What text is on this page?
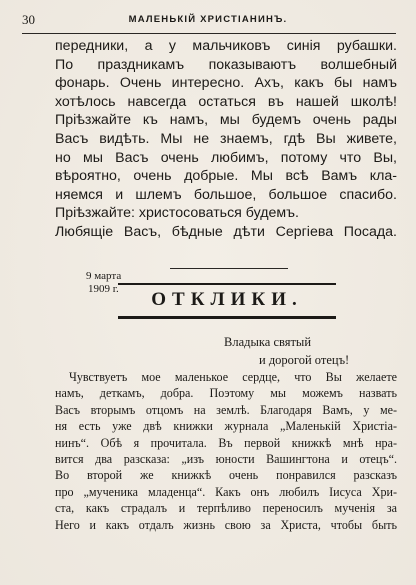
30	МАЛЕНЬКІЙ ХРИСТІАНИНЪ.
передники, а у мальчиковъ синія рубашки.
По праздникамъ показываютъ волшебный
фонарь. Очень интересно. Ахъ, какъ бы намъ
хотѣлось навсегда остаться въ нашей школѣ!
Пріѣзжайте къ намъ, мы будемъ очень рады
Васъ видѣть. Мы не знаемъ, гдѣ Вы живете,
но мы Васъ очень любимъ, потому что Вы,
вѣроятно, очень добрые. Мы всѣ Вамъ кла-
няемся и шлемъ большое, большое спасибо.
Пріѣзжайте: христосоваться будемъ.
Любящіе Васъ, бѣдные дѣти Сергіева Посада.
9 марта
1909 г.	ОТКЛИКИ.
Владыка святый
и дорогой отецъ!
Чувствуетъ мое маленькое сердце, что Вы желаете
намъ, деткамъ, добра. Поэтому мы можемъ назвать
Васъ вторымъ отцомъ на землѣ. Благодаря Вамъ, у ме-
ня есть уже двѣ книжки журнала „Маленькій Христіа-
нинъ“. Обѣ я прочитала. Въ первой книжкѣ мнѣ нра-
вится два разсказа: „изъ юности Вашингтона и отецъ“.
Во второй же книжкѣ очень понравился разсказъ
про „мученика младенца“. Какъ онъ любилъ Іисуса Хри-
ста, какъ страдалъ и терпѣливо переносилъ мученія за
Него и какъ отдалъ жизнь свою за Христа, чтобы быть
